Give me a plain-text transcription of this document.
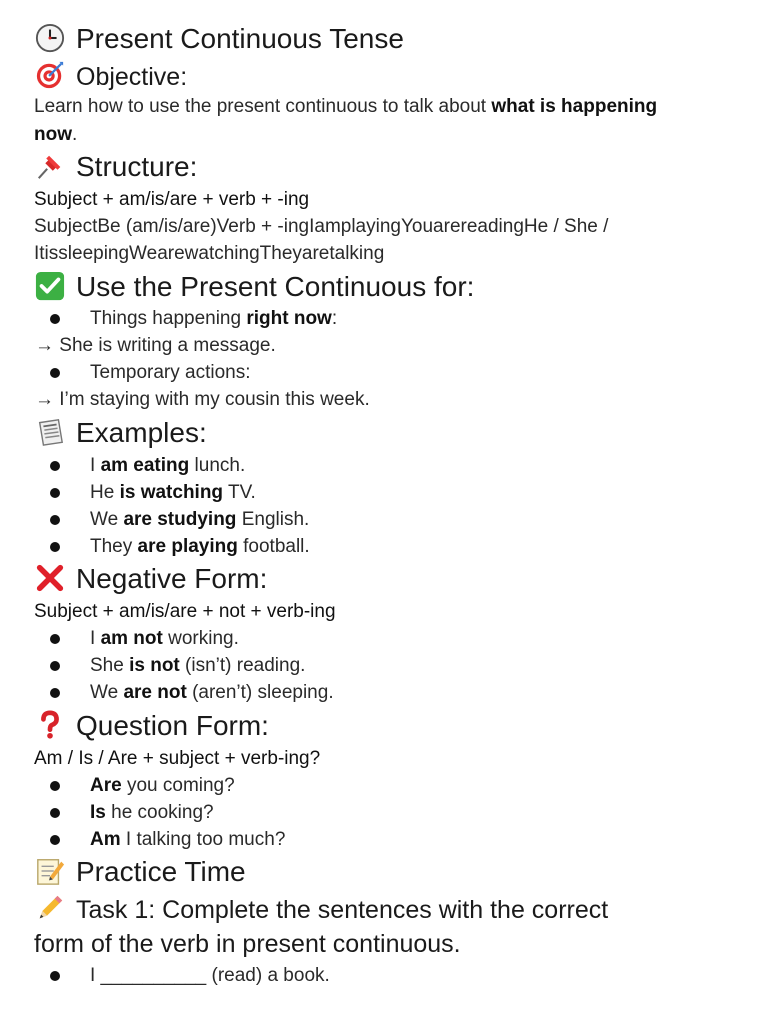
Present Continuous Tense
Objective:
Learn how to use the present continuous to talk about what is happening
now.
Structure:
Subject + am/is/are + verb + -ing
SubjectBe (am/is/are)Verb + -ingIamplayingYouarereadingHe / She /
ItissleepingWearewatchingTheyaretalking
Use the Present Continuous for:
Things happening right now:
→ She is writing a message.
Temporary actions:
→ I’m staying with my cousin this week.
Examples:
I am eating lunch.
He is watching TV.
We are studying English.
They are playing football.
Negative Form:
Subject + am/is/are + not + verb-ing
I am not working.
She is not (isn’t) reading.
We are not (aren’t) sleeping.
Question Form:
Am / Is / Are + subject + verb-ing?
Are you coming?
Is he cooking?
Am I talking too much?
Practice Time
Task 1: Complete the sentences with the correct
form of the verb in present continuous.
I __________ (read) a book.
